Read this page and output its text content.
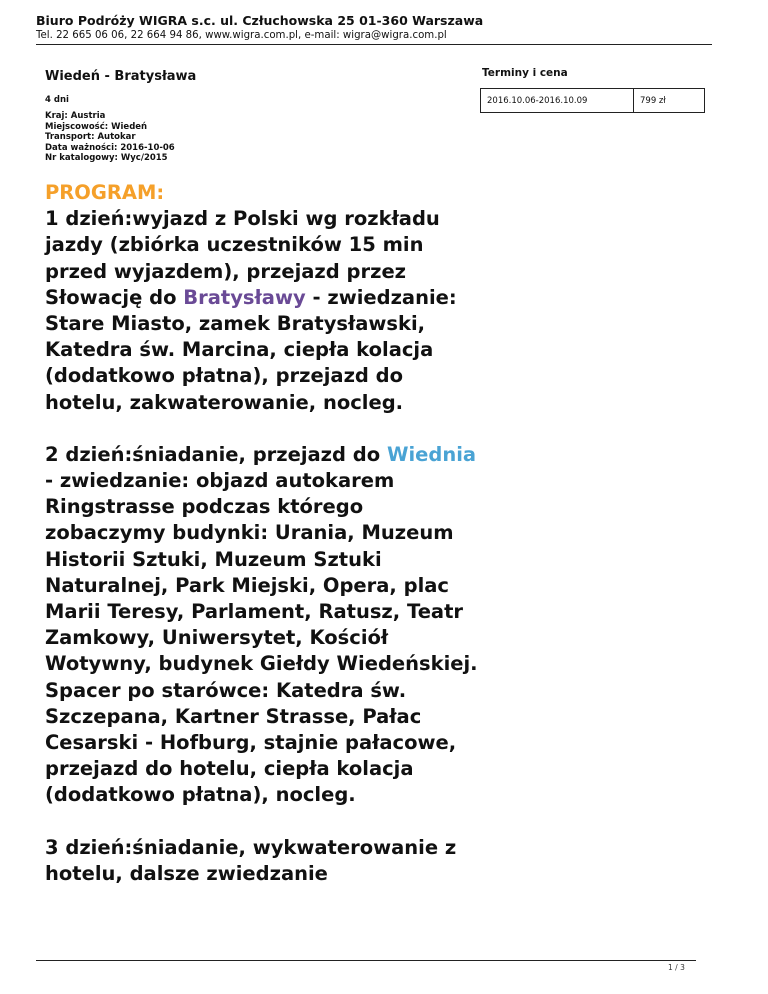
Biuro Podróży WIGRA s.c. ul. Człuchowska 25 01-360 Warszawa
Tel. 22 665 06 06, 22 664 94 86, www.wigra.com.pl, e-mail: wigra@wigra.com.pl
Wiedeń - Bratysława
4 dni
Kraj: Austria
Miejscowość: Wiedeń
Transport: Autokar
Data ważności: 2016-10-06
Nr katalogowy: Wyc/2015
Terminy i cena
2016.10.06-2016.10.09	799 zł

PROGRAM:

1 dzień:wyjazd z Polski wg rozkładu jazdy (zbiórka uczestników 15 min przed wyjazdem), przejazd przez Słowację do Bratysławy - zwiedzanie: Stare Miasto, zamek Bratysławski, Katedra św. Marcina, ciepła kolacja (dodatkowo płatna), przejazd do hotelu, zakwaterowanie, nocleg.

2 dzień:śniadanie, przejazd do Wiednia - zwiedzanie: objazd autokarem Ringstrasse podczas którego zobaczymy budynki: Urania, Muzeum Historii Sztuki, Muzeum Sztuki Naturalnej, Park Miejski, Opera, plac Marii Teresy, Parlament, Ratusz, Teatr Zamkowy, Uniwersytet, Kościół Wotywny, budynek Giełdy Wiedeńskiej. Spacer po starówce: Katedra św. Szczepana, Kartner Strasse, Pałac Cesarski - Hofburg, stajnie pałacowe, przejazd do hotelu, ciepła kolacja (dodatkowo płatna), nocleg.

3 dzień:śniadanie, wykwaterowanie z hotelu, dalsze zwiedzanie

1 / 3
